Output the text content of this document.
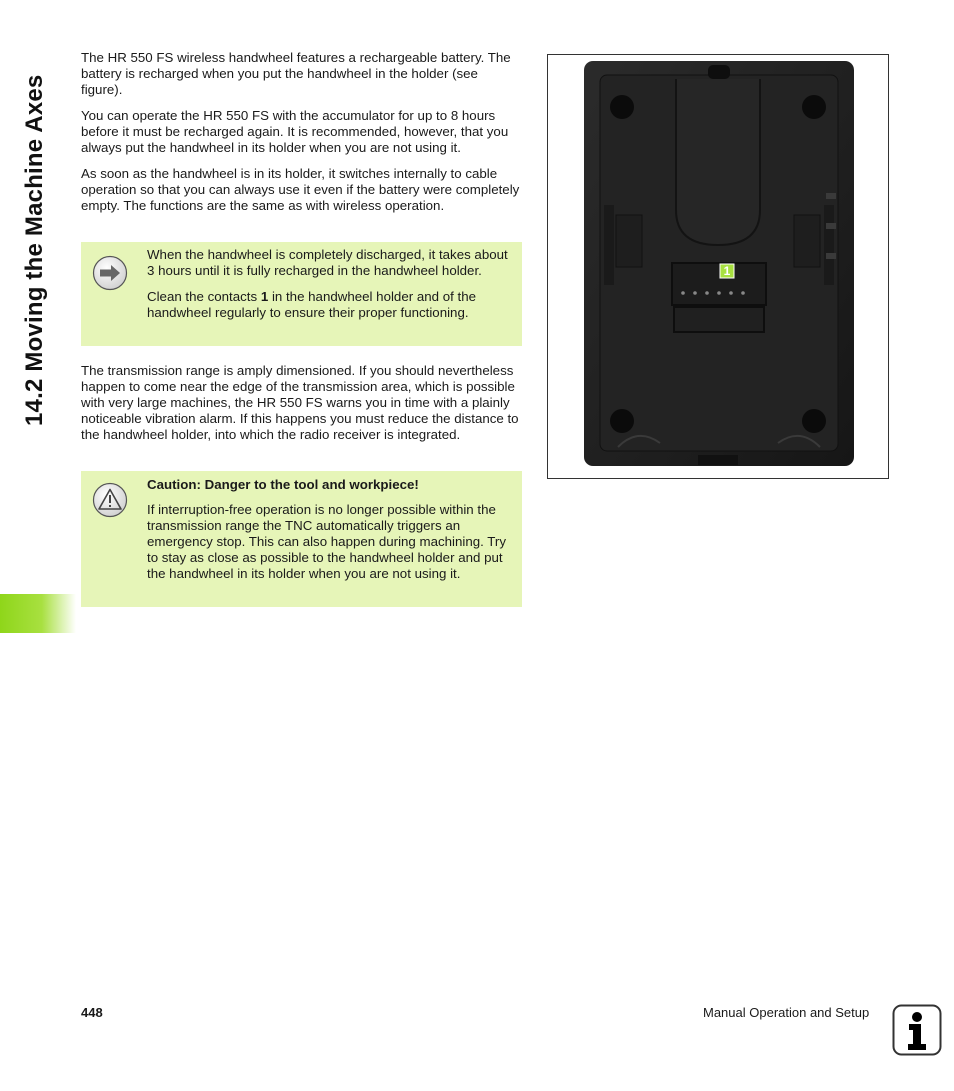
14.2 Moving the Machine Axes

The HR 550 FS wireless handwheel features a rechargeable battery. The battery is recharged when you put the handwheel in the holder (see figure).

You can operate the HR 550 FS with the accumulator for up to 8 hours before it must be recharged again. It is recommended, however, that you always put the handwheel in its holder when you are not using it.

As soon as the handwheel is in its holder, it switches internally to cable operation so that you can always use it even if the battery were completely empty. The functions are the same as with wireless operation.

When the handwheel is completely discharged, it takes about 3 hours until it is fully recharged in the handwheel holder.

Clean the contacts 1 in the handwheel holder and of the handwheel regularly to ensure their proper functioning.

The transmission range is amply dimensioned. If you should nevertheless happen to come near the edge of the transmission area, which is possible with very large machines, the HR 550 FS warns you in time with a plainly noticeable vibration alarm. If this happens you must reduce the distance to the handwheel holder, into which the radio receiver is integrated.

Caution: Danger to the tool and workpiece!

If interruption-free operation is no longer possible within the transmission range the TNC automatically triggers an emergency stop. This can also happen during machining. Try to stay as close as possible to the handwheel holder and put the handwheel in its holder when you are not using it.

1
448	Manual Operation and Setup
